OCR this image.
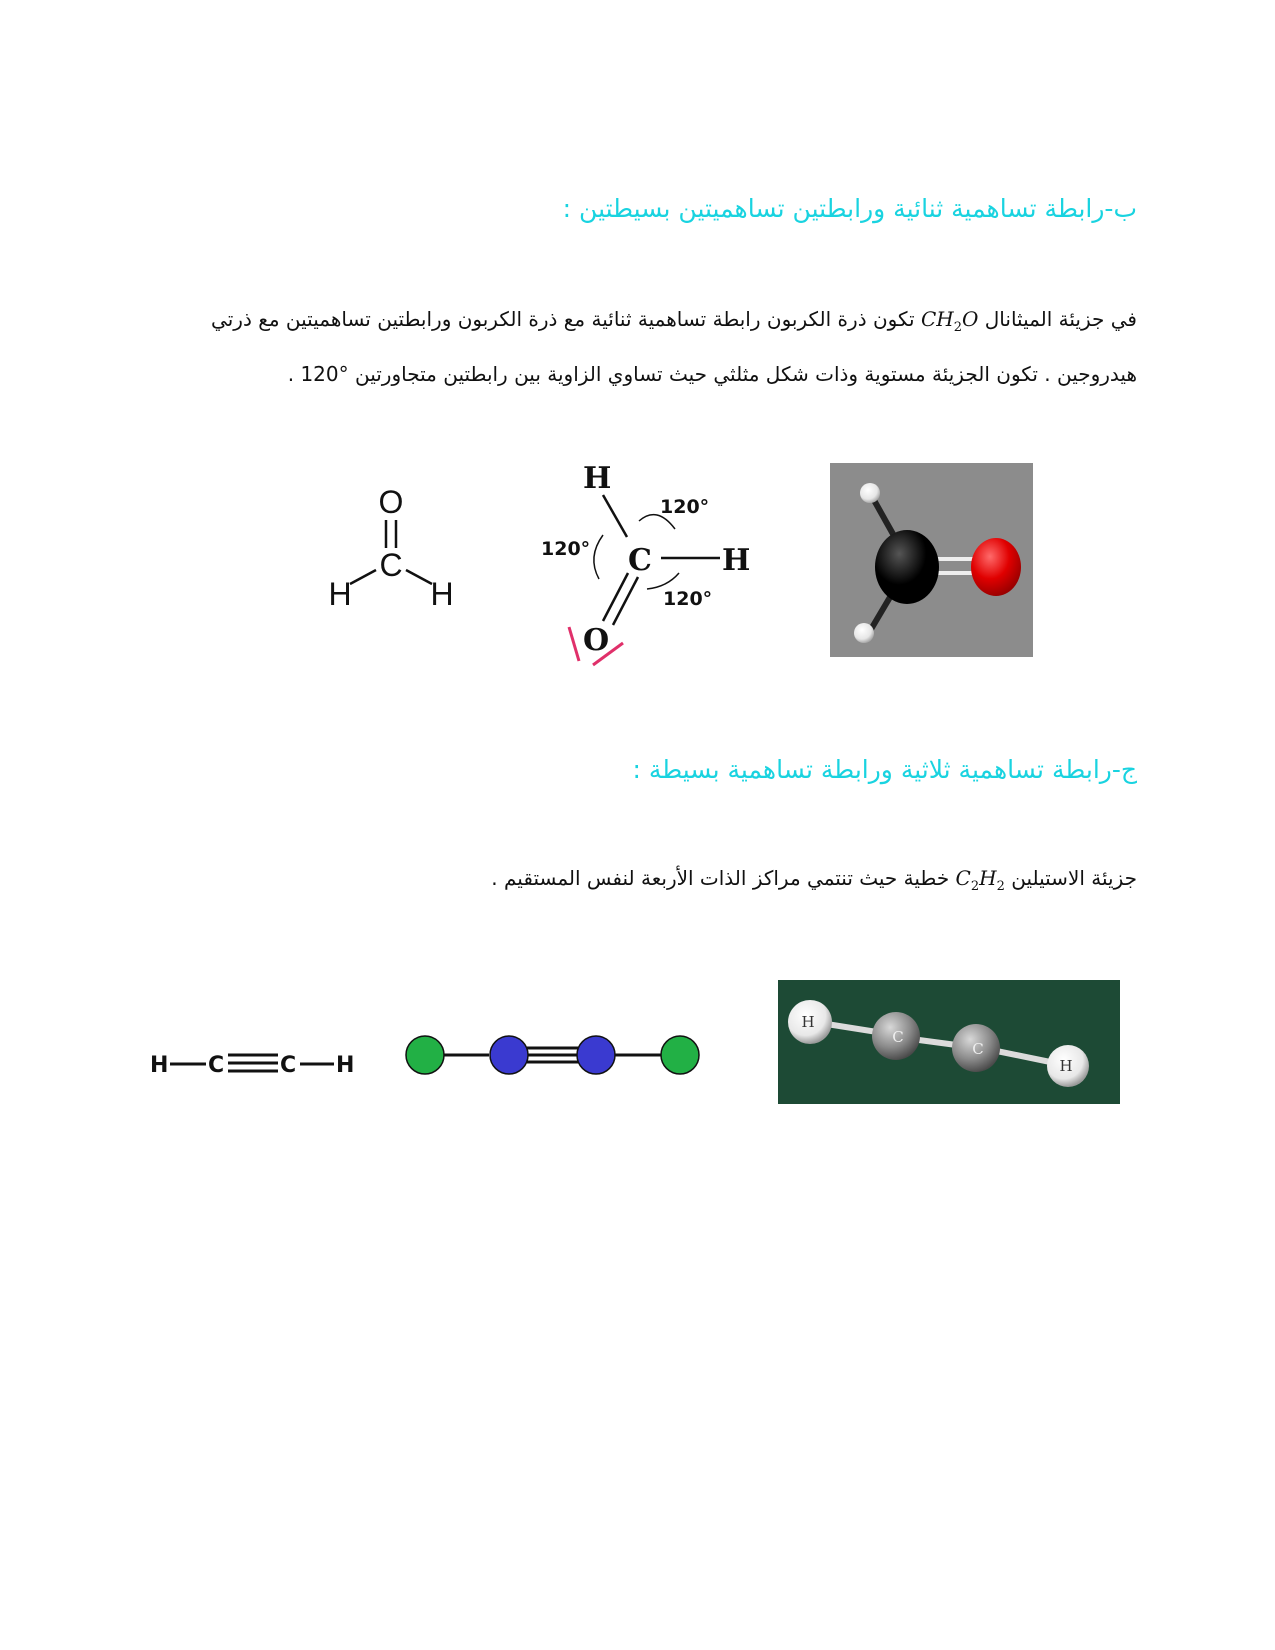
ب-رابطة تساهمية ثنائية ورابطتين تساهميتين بسيطتين :
في جزيئة الميثانال $CH_2O$ تكون ذرة الكربون رابطة تساهمية ثنائية مع ذرة الكربون ورابطتين تساهميتين مع ذرتي
هيدروجين . تكون الجزيئة مستوية وذات شكل مثلثي حيث تساوي الزاوية بين رابطتين متجاورتين 120° .
O
C
H H
H
C H
O
120°
120°
120°
ج-رابطة تساهمية ثلاثية ورابطة تساهمية بسيطة :
جزيئة الاستيلين $C_2H_2$ خطية حيث تنتمي مراكز الذات الأربعة لنفس المستقيم .
H C	C H
H
C
C
H
